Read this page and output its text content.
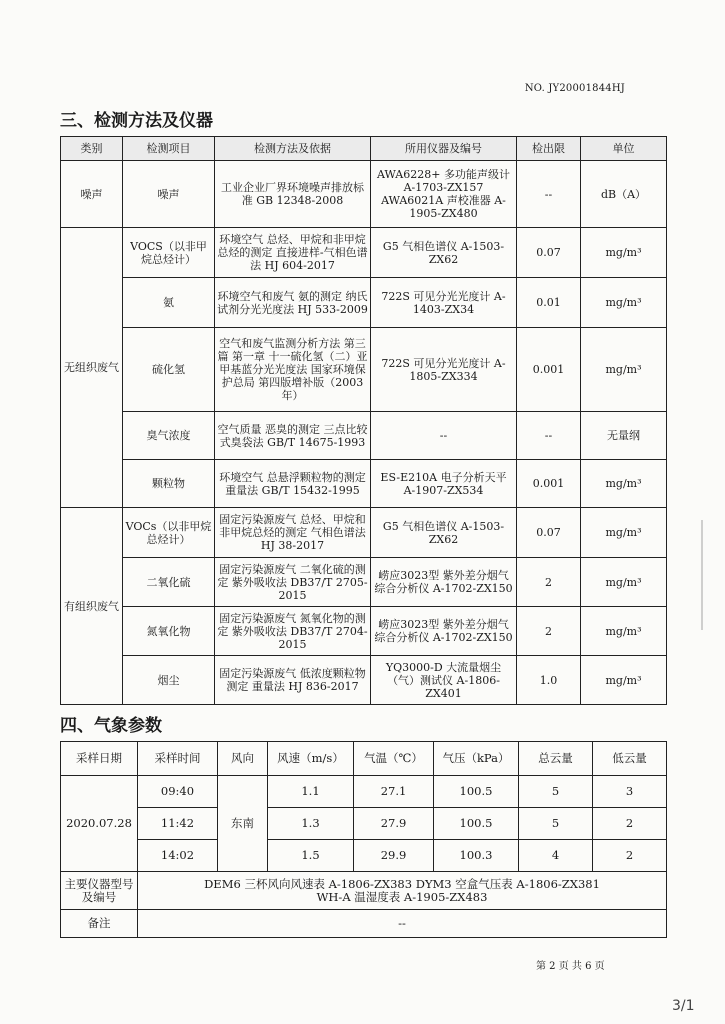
NO. JY20001844HJ
三、检测方法及仪器
类别	检测项目	检测方法及依据	所用仪器及编号	检出限	单位
噪声	噪声	工业企业厂界环境噪声排放标准 GB 12348-2008	AWA6228+ 多功能声级计 A-1703-ZX157 AWA6021A 声校准器 A-1905-ZX480	--	dB（A）
无组织废气	VOCS（以非甲烷总烃计）	环境空气 总烃、甲烷和非甲烷总烃的测定 直接进样-气相色谱法 HJ 604-2017	G5 气相色谱仪 A-1503-ZX62	0.07	mg/m³
	氨	环境空气和废气 氨的测定 纳氏试剂分光光度法 HJ 533-2009	722S 可见分光光度计 A-1403-ZX34	0.01	mg/m³
	硫化氢	空气和废气监测分析方法 第三篇 第一章 十一硫化氢（二）亚甲基蓝分光光度法 国家环境保护总局 第四版增补版（2003年）	722S 可见分光光度计 A-1805-ZX334	0.001	mg/m³
	臭气浓度	空气质量 恶臭的测定 三点比较式臭袋法 GB/T 14675-1993	--	--	无量纲
	颗粒物	环境空气 总悬浮颗粒物的测定 重量法 GB/T 15432-1995	ES-E210A 电子分析天平 A-1907-ZX534	0.001	mg/m³
有组织废气	VOCs（以非甲烷总烃计）	固定污染源废气 总烃、甲烷和非甲烷总烃的测定 气相色谱法 HJ 38-2017	G5 气相色谱仪 A-1503-ZX62	0.07	mg/m³
	二氧化硫	固定污染源废气 二氧化硫的测定 紫外吸收法 DB37/T 2705-2015	崂应3023型 紫外差分烟气综合分析仪 A-1702-ZX150	2	mg/m³
	氮氧化物	固定污染源废气 氮氧化物的测定 紫外吸收法 DB37/T 2704-2015	崂应3023型 紫外差分烟气综合分析仪 A-1702-ZX150	2	mg/m³
	烟尘	固定污染源废气 低浓度颗粒物测定 重量法 HJ 836-2017	YQ3000-D 大流量烟尘（气）测试仪 A-1806-ZX401	1.0	mg/m³
四、气象参数
采样日期	采样时间	风向	风速（m/s）	气温（℃）	气压（kPa）	总云量	低云量
2020.07.28	09:40	东南	1.1	27.1	100.5	5	3
	11:42		1.3	27.9	100.5	5	2
	14:02		1.5	29.9	100.3	4	2
主要仪器型号及编号	DEM6 三杯风向风速表 A-1806-ZX383 DYM3 空盒气压表 A-1806-ZX381
WH-A 温湿度表 A-1905-ZX483						

备注	--						
第 2 页 共 6 页
3/1
